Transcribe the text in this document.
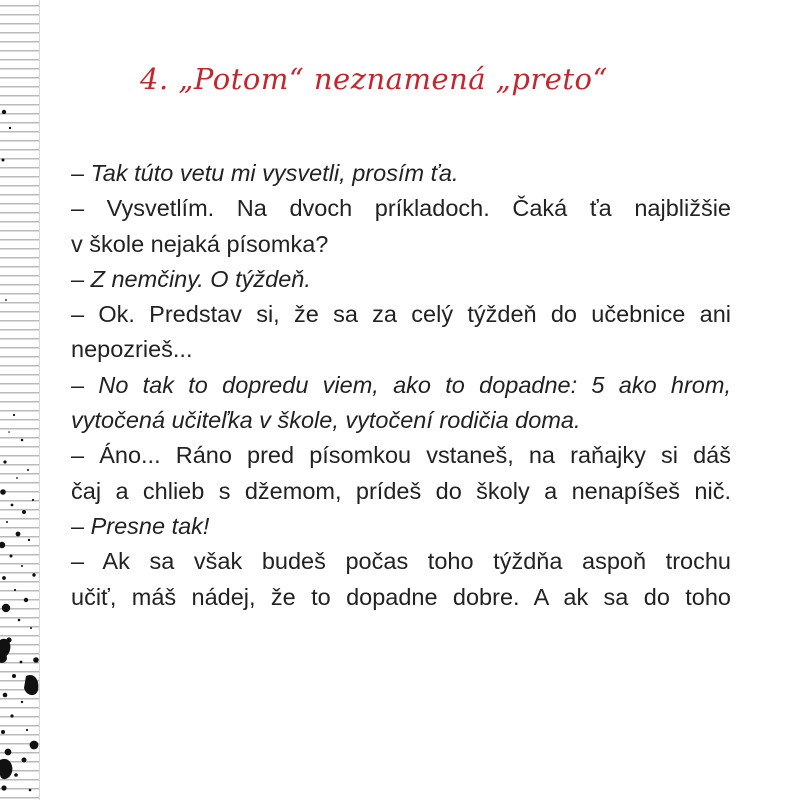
4. „Potom“ neznamená „preto“
– Tak túto vetu mi vysvetli, prosím ťa.
– Vysvetlím. Na dvoch príkladoch. Čaká ťa najbližšie
v škole nejaká písomka?
– Z nemčiny. O týždeň.
– Ok. Predstav si, že sa za celý týždeň do učebnice ani
nepozrieš...
– No tak to dopredu viem, ako to dopadne: 5 ako hrom,
vytočená učiteľka v škole, vytočení rodičia doma.
– Áno... Ráno pred písomkou vstaneš, na raňajky si dáš
čaj a chlieb s džemom, prídeš do školy a nenapíšeš nič.
– Presne tak!
– Ak sa však budeš počas toho týždňa aspoň trochu
učiť, máš nádej, že to dopadne dobre. A ak sa do toho
